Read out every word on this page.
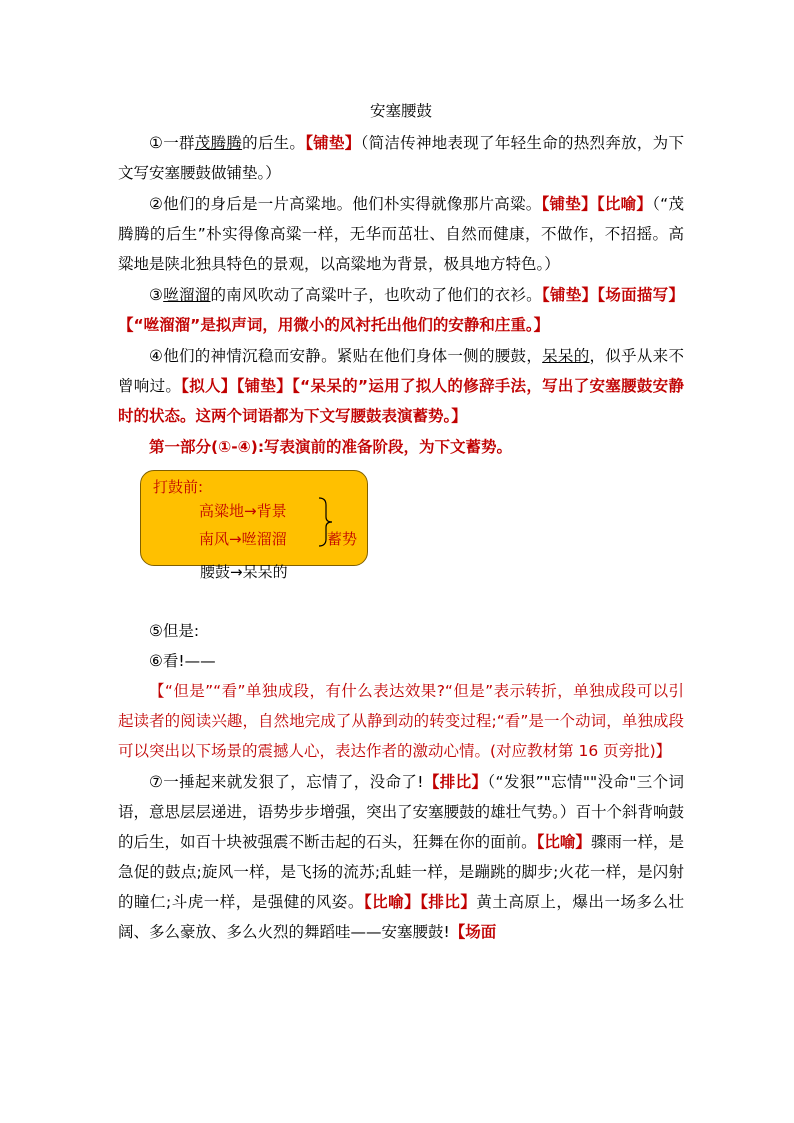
安塞腰鼓

①一群茂腾腾的后生。【铺垫】（简洁传神地表现了年轻生命的热烈奔放，为下文写安塞腰鼓做铺垫。）

②他们的身后是一片高粱地。他们朴实得就像那片高粱。【铺垫】【比喻】（“茂腾腾的后生”朴实得像高粱一样，无华而茁壮、自然而健康，不做作，不招摇。高粱地是陕北独具特色的景观，以高粱地为背景，极具地方特色。）

③咝溜溜的南风吹动了高粱叶子，也吹动了他们的衣衫。【铺垫】【场面描写】【“咝溜溜”是拟声词，用微小的风衬托出他们的安静和庄重。】

④他们的神情沉稳而安静。紧贴在他们身体一侧的腰鼓，呆呆的，似乎从来不曾响过。【拟人】【铺垫】【“呆呆的”运用了拟人的修辞手法，写出了安塞腰鼓安静时的状态。这两个词语都为下文写腰鼓表演蓄势。】

第一部分(①-④):写表演前的准备阶段，为下文蓄势。

打鼓前:
高粱地→背景
南风→咝溜溜	蓄势
腰鼓→呆呆的

⑤但是:

⑥看!——

【“但是”“看”单独成段，有什么表达效果?“但是”表示转折，单独成段可以引起读者的阅读兴趣，自然地完成了从静到动的转变过程;“看”是一个动词，单独成段可以突出以下场景的震撼人心，表达作者的激动心情。(对应教材第 16 页旁批)】

⑦一捶起来就发狠了，忘情了，没命了!【排比】（“发狠”"忘情""没命"三个词语，意思层层递进，语势步步增强，突出了安塞腰鼓的雄壮气势。）百十个斜背响鼓的后生，如百十块被强震不断击起的石头，狂舞在你的面前。【比喻】骤雨一样，是急促的鼓点;旋风一样，是飞扬的流苏;乱蛙一样，是蹦跳的脚步;火花一样，是闪射的瞳仁;斗虎一样，是强健的风姿。【比喻】【排比】黄土高原上，爆出一场多么壮阔、多么豪放、多么火烈的舞蹈哇——安塞腰鼓!【场面
